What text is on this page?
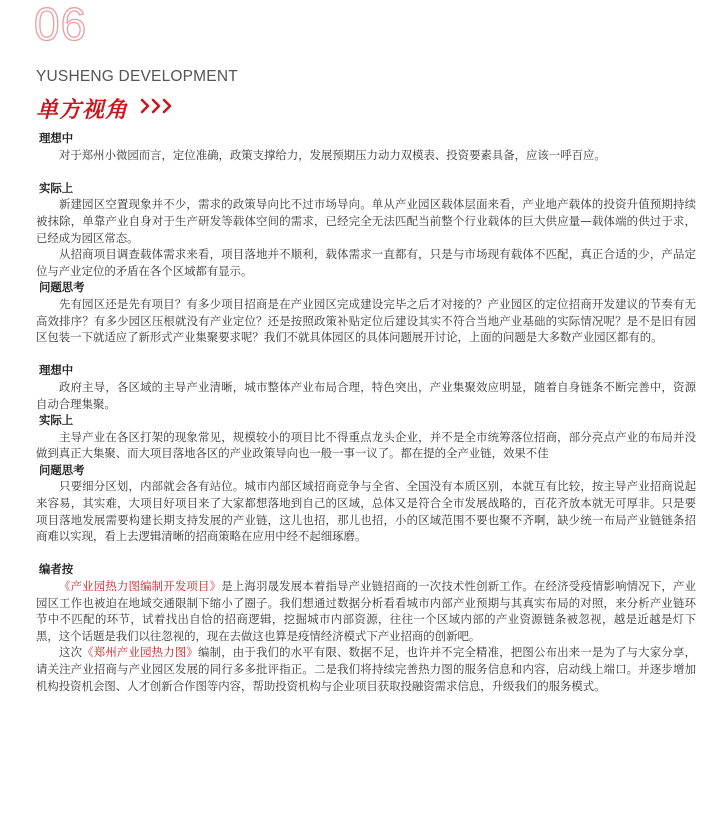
06
YUSHENG DEVELOPMENT
单方视角
理想中

对于郑州小微园而言，定位准确，政策支撑给力，发展预期压力动力双模表、投资要素具备，应该一呼百应。

实际上

新建园区空置现象并不少，需求的政策导向比不过市场导向。单从产业园区载体层面来看，产业地产载体的投资升值预期持续被抹除，单靠产业自身对于生产研发等载体空间的需求，已经完全无法匹配当前整个行业载体的巨大供应量—载体端的供过于求，已经成为园区常态。

从招商项目调查载体需求来看，项目落地并不顺利，载体需求一直都有，只是与市场现有载体不匹配，真正合适的少，产品定位与产业定位的矛盾在各个区域都有显示。

问题思考

先有园区还是先有项目？有多少项目招商是在产业园区完成建设完毕之后才对接的？产业园区的定位招商开发建议的节奏有无高效排序？有多少园区压根就没有产业定位？还是按照政策补贴定位后建设其实不符合当地产业基础的实际情况呢？是不是旧有园区包装一下就适应了新形式产业集聚要求呢？我们不就具体园区的具体问题展开讨论，上面的问题是大多数产业园区都有的。

理想中

政府主导，各区域的主导产业清晰，城市整体产业布局合理，特色突出，产业集聚效应明显，随着自身链条不断完善中，资源自动合理集聚。

实际上

主导产业在各区打架的现象常见，规模较小的项目比不得重点龙头企业，并不是全市统筹落位招商，部分亮点产业的布局并没做到真正大集聚、而大项目落地各区的产业政策导向也一般一事一议了。都在提的全产业链，效果不佳

问题思考

只要细分区划，内部就会各有站位。城市内部区域招商竞争与全省、全国没有本质区别，本就互有比较，按主导产业招商说起来容易，其实难，大项目好项目来了大家都想落地到自己的区域，总体又是符合全市发展战略的，百花齐放本就无可厚非。只是要项目落地发展需要构建长期支持发展的产业链，这儿也招，那儿也招，小的区域范围不要也聚不齐啊，缺少统一布局产业链链条招商难以实现，看上去逻辑清晰的招商策略在应用中经不起细琢磨。

编者按

《产业园热力图编制开发项目》是上海羽晟发展本着指导产业链招商的一次技术性创新工作。在经济受疫情影响情况下，产业园区工作也被迫在地域交通限制下缩小了圈子。我们想通过数据分析看看城市内部产业预期与其真实布局的对照，来分析产业链环节中不匹配的环节，试着找出自恰的招商逻辑，挖掘城市内部资源，往往一个区域内部的产业资源链条被忽视，越是近越是灯下黑，这个话题是我们以往忽视的，现在去做这也算是疫情经济模式下产业招商的创新吧。

这次《郑州产业园热力图》编制，由于我们的水平有限、数据不足，也许并不完全精准，把图公布出来一是为了与大家分享，请关注产业招商与产业园区发展的同行多多批评指正。二是我们将持续完善热力图的服务信息和内容，启动线上端口。并逐步增加机构投资机会图、人才创新合作图等内容，帮助投资机构与企业项目获取投融资需求信息，升级我们的服务模式。
